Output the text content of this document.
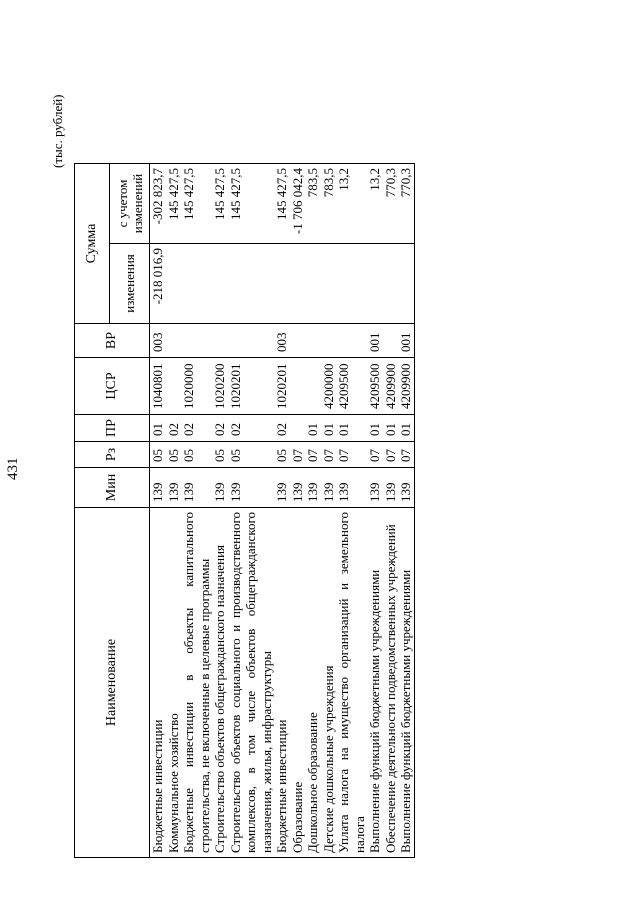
431
(тыс. рублей)
Наименование	Мин	Рз	ПР	ЦСР	ВР	Сумма	
						изменения	с учетом изменений
Бюджетные инвестиции	139	05	01	1040801	003	-218 016,9	-302 823,7
Коммунальное хозяйство	139	05	02				145 427,5
Бюджетные инвестиции в объекты капитального строительства, не включенные в целевые программы	139	05	02	1020000			145 427,5
Строительство объектов общегражданского назначения	139	05	02	1020200			145 427,5
Строительство объектов социального и производственного комплексов, в том числе объектов общегражданского назначения, жилья, инфраструктуры	139	05	02	1020201			145 427,5
Бюджетные инвестиции	139	05	02	1020201	003		145 427,5
Образование	139	07					-1 706 042,4
Дошкольное образование	139	07	01				783,5
Детские дошкольные учреждения	139	07	01	4200000			783,5
Уплата налога на имущество организаций и земельного налога	139	07	01	4209500			13,2
Выполнение функций бюджетными учреждениями	139	07	01	4209500	001		13,2
Обеспечение деятельности подведомственных учреждений	139	07	01	4209900			770,3
Выполнение функций бюджетными учреждениями	139	07	01	4209900	001		770,3
